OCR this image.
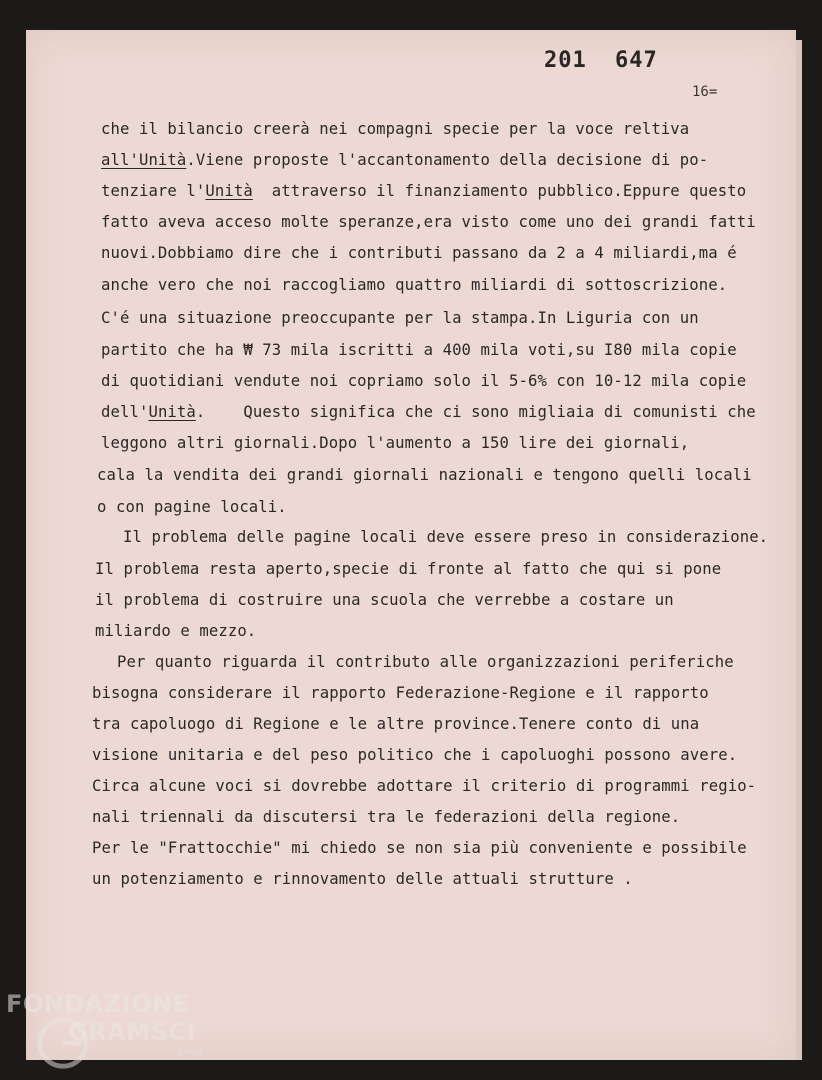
201 647
16=
che il bilancio creerà nei compagni specie per la voce reltiva
all'Unità.Viene proposte l'accantonamento della decisione di po-
tenziare l'Unità  attraverso il finanziamento pubblico.Eppure questo
fatto aveva acceso molte speranze,era visto come uno dei grandi fatti
nuovi.Dobbiamo dire che i contributi passano da 2 a 4 miliardi,ma é
anche vero che noi raccogliamo quattro miliardi di sottoscrizione.
C'é una situazione preoccupante per la stampa.In Liguria con un
partito che ha ₩ 73 mila iscritti a 400 mila voti,su I80 mila copie
di quotidiani vendute noi copriamo solo il 5-6% con 10-12 mila copie
dell'Unità.    Questo significa che ci sono migliaia di comunisti che
leggono altri giornali.Dopo l'aumento a 150 lire dei giornali,
cala la vendita dei grandi giornali nazionali e tengono quelli locali
o con pagine locali.
Il problema delle pagine locali deve essere preso in considerazione.
Il problema resta aperto,specie di fronte al fatto che qui si pone
il problema di costruire una scuola che verrebbe a costare un
miliardo e mezzo.
Per quanto riguarda il contributo alle organizzazioni periferiche
bisogna considerare il rapporto Federazione-Regione e il rapporto
tra capoluogo di Regione e le altre province.Tenere conto di una
visione unitaria e del peso politico che i capoluoghi possono avere.
Circa alcune voci si dovrebbe adottare il criterio di programmi regio-
nali triennali da discutersi tra le federazioni della regione.
Per le "Frattocchie" mi chiedo se non sia più conveniente e possibile
un potenziamento e rinnovamento delle attuali strutture .
FONDAZIONE
GRAMSCI
onlus
